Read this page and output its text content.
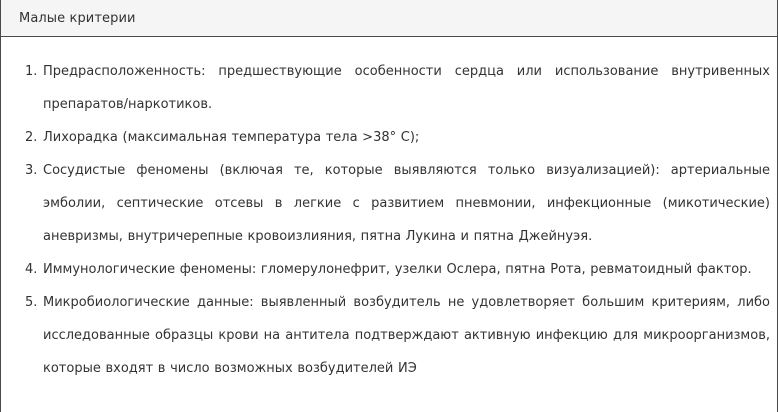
Малые критерии
1. Предрасположенность: предшествующие особенности сердца или использование внутривенных препаратов/наркотиков.
2. Лихорадка (максимальная температура тела >38° C);
3. Сосудистые феномены (включая те, которые выявляются только визуализацией): артериальные эмболии, септические отсевы в легкие с развитием пневмонии, инфекционные (микотические) аневризмы, внутричерепные кровоизлияния, пятна Лукина и пятна Джейнуэя.
4. Иммунологические феномены: гломерулонефрит, узелки Ослера, пятна Рота, ревматоидный фактор.
5. Микробиологические данные: выявленный возбудитель не удовлетворяет большим критериям, либо исследованные образцы крови на антитела подтверждают активную инфекцию для микроорганизмов, которые входят в число возможных возбудителей ИЭ
